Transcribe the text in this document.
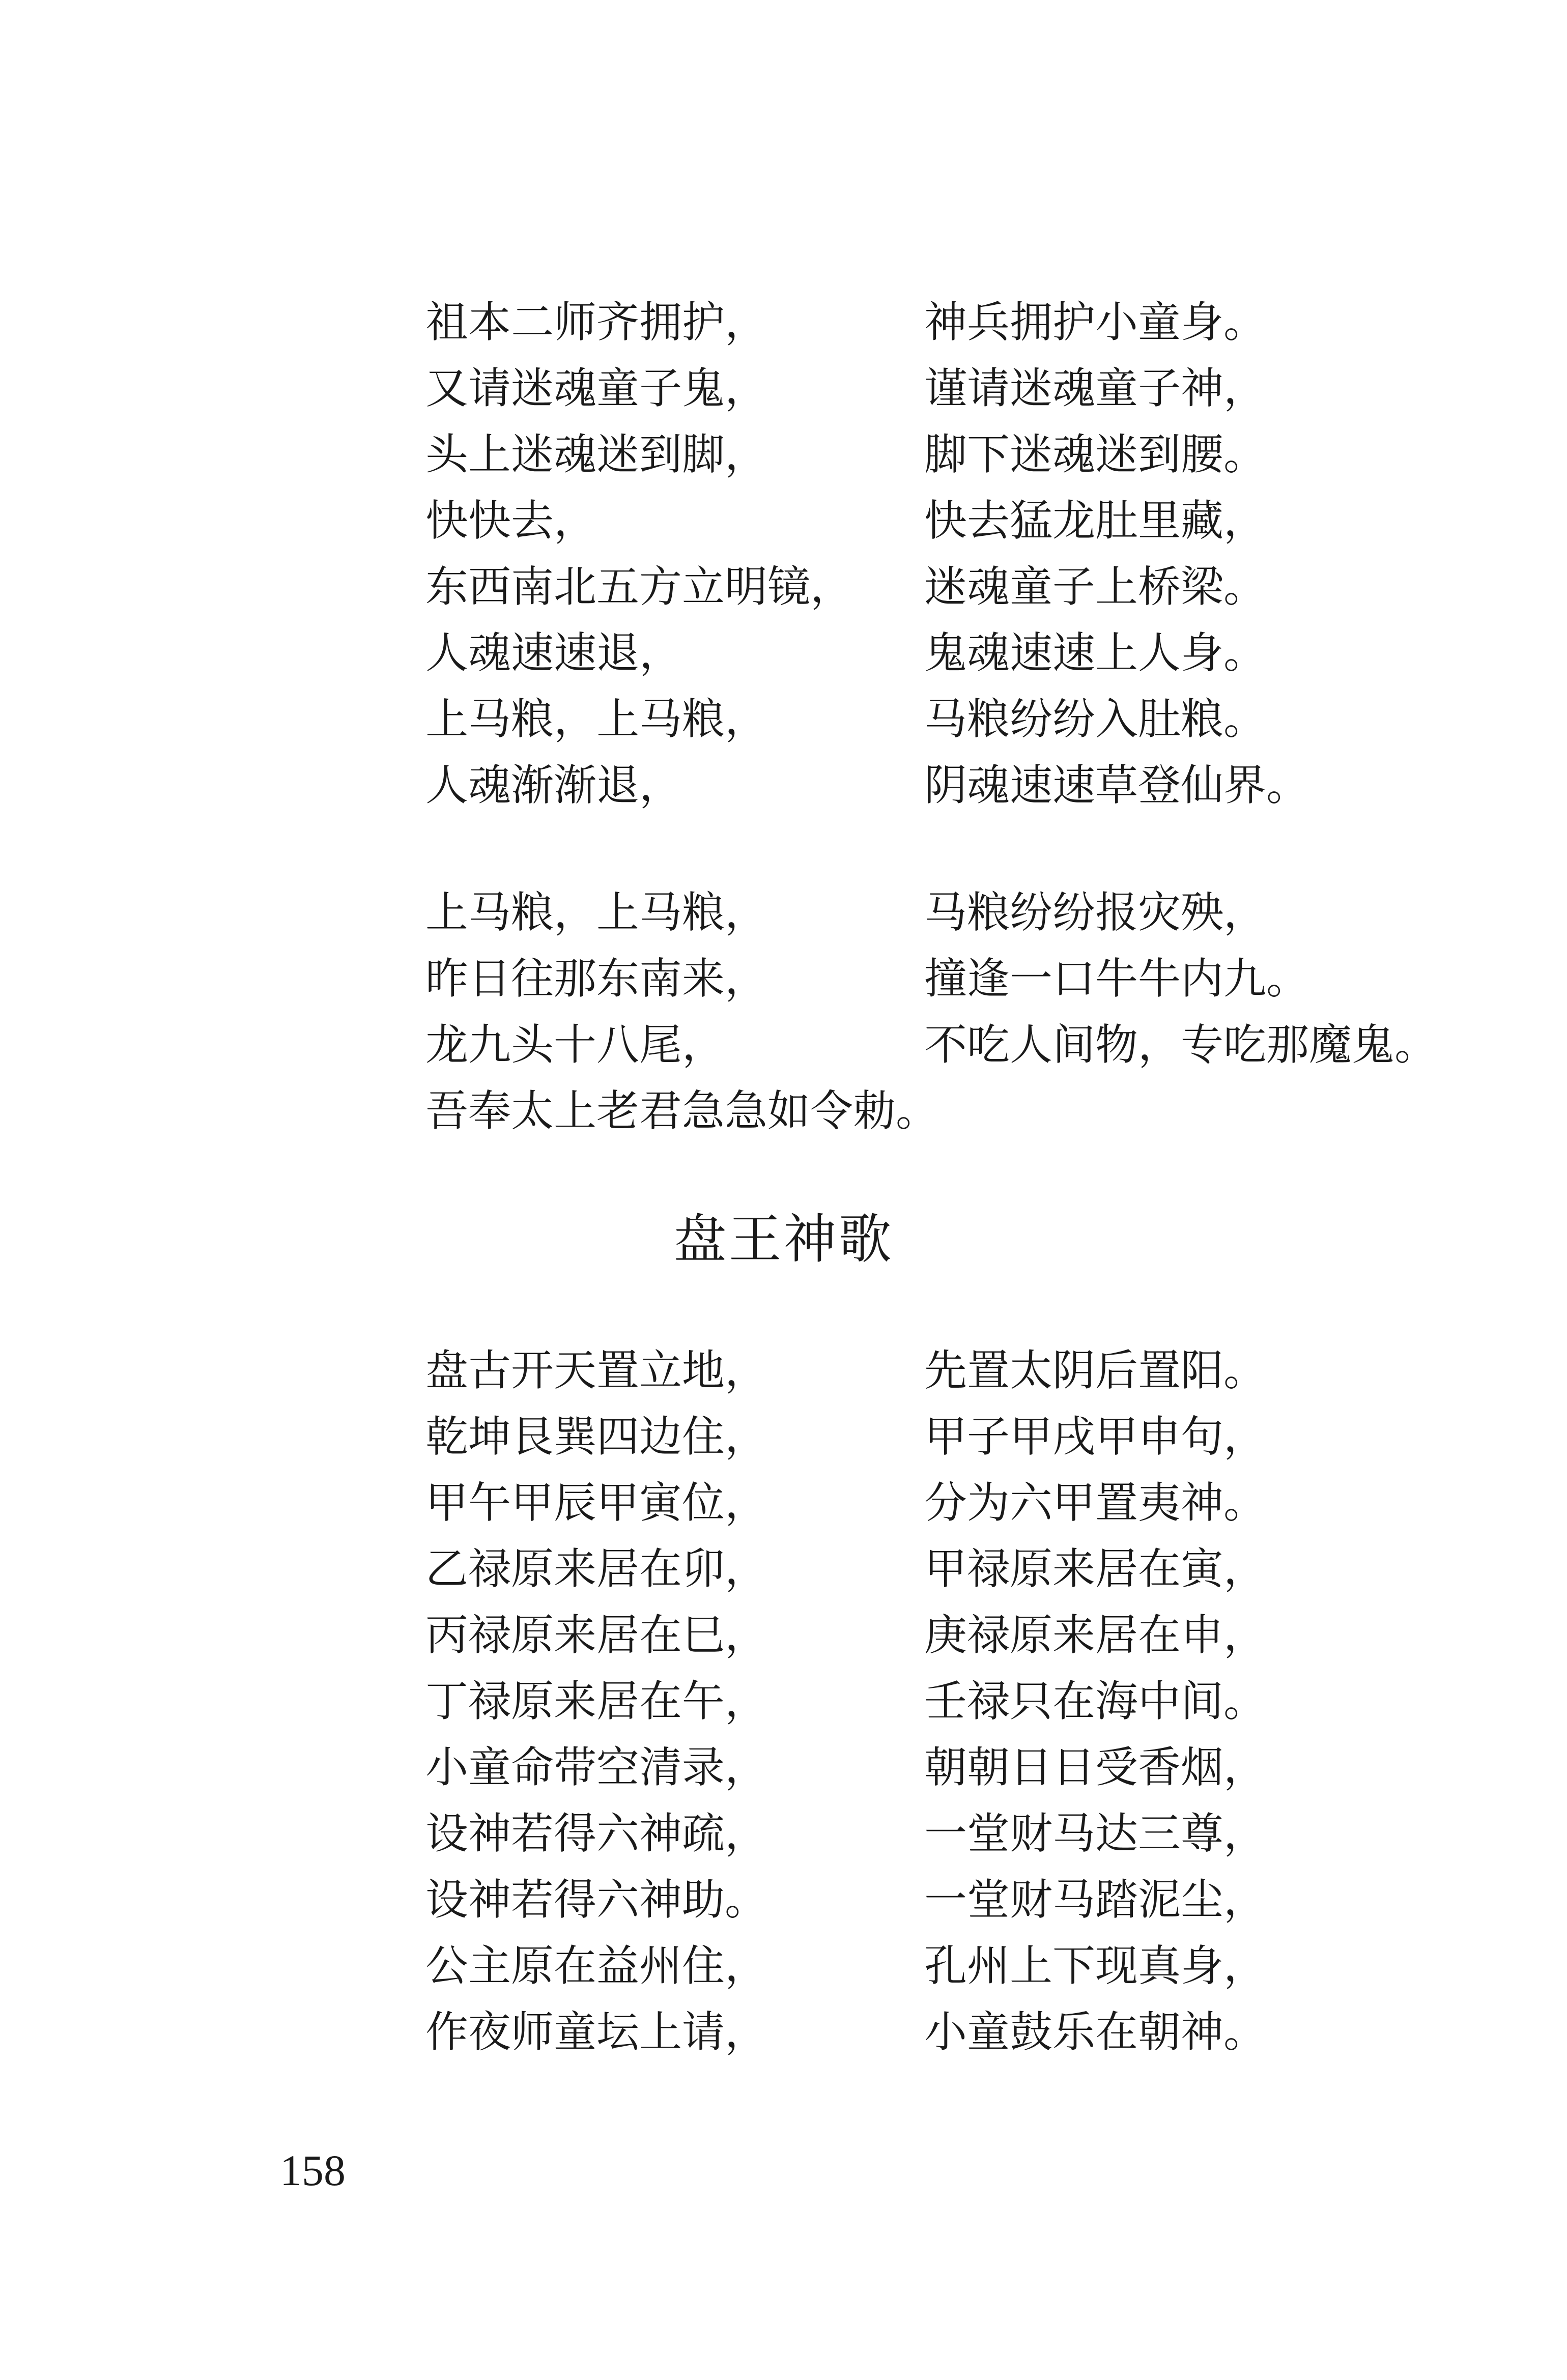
祖本二师齐拥护，	神兵拥护小童身。
又请迷魂童子鬼，	谨请迷魂童子神，
头上迷魂迷到脚，	脚下迷魂迷到腰。
快快去，	快去猛龙肚里藏，
东西南北五方立明镜， 迷魂童子上桥梁。
人魂速速退，	鬼魂速速上人身。
上马粮，上马粮，	马粮纷纷入肚粮。
人魂渐渐退，	阴魂速速草登仙界。
上马粮，上马粮，	马粮纷纷报灾殃，
昨日往那东南来，	撞逢一口牛牛内九。
龙九头十八尾，	不吃人间物，专吃那魔鬼。
吾奉太上老君急急如令勅。
盘王神歌
盘古开天置立地，	先置太阴后置阳。
乾坤艮巽四边住，	甲子甲戌甲申句，
甲午甲辰甲寅位，	分为六甲置夷神。
乙禄原来居在卯，	甲禄原来居在寅，
丙禄原来居在巳，	庚禄原来居在申，
丁禄原来居在午，	壬禄只在海中间。
小童命带空清录，	朝朝日日受香烟，
设神若得六神疏，	一堂财马达三尊，
设神若得六神助。	一堂财马踏泥尘，
公主原在益州住，	孔州上下现真身，
作夜师童坛上请，	小童鼓乐在朝神。
158
